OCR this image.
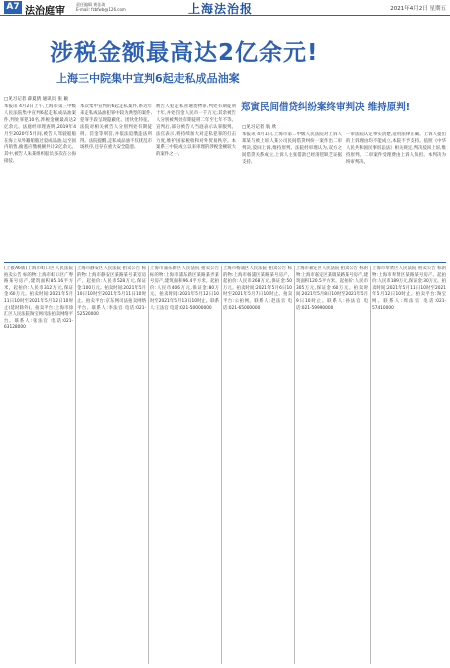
A7 法治庭审
责任编辑 黄佳琦
E-mail: fzbfwb@126.com	上海法治报	2021年4月2日 星期五
涉税金额最高达2亿余元!
上海三中院集中宣判6起走私成品油案
□见习记者 薛夏倩 通讯员 张 颖
本报讯 4月2日上午,上海市第三中级人民法院集中宣判6起走私成品油案件,判处罪犯10名,涉税金额最高达2亿余元。法庭经审理查明,2019年4月至2020年5月间,被告人驾驶船舶在海上从外籍船舶过驳成品油,运至国内销售,偷逃应缴税额共计2亿余元。其中,被告人朱某组织船员多次在公海接驳,
本次集中宣判的6起走私案件,系近年来走私成品油犯罪中较为典型的案件,犯罪手段呈现隐蔽化、团伙化特征。法院对相关被告人分别判处有期徒刑、罚金等刑罚,并依法追缴违法所得。法院提醒,走私成品油不仅扰乱市场秩序,还存在重大安全隐患,
被告人犯走私普通货物罪,判处有期徒刑十年,并处罚金人民币一千万元;其余被告人分别被判处有期徒刑二年至七年不等。宣判后,部分被告人当庭表示认罪服判。法官表示,将持续加大对走私犯罪的打击力度,维护国家税收和对外贸易秩序。本案系三中院成立以来审理的涉税金额较大的案件之一,
郑寅民间借贷纠纷案终审判决 维持原判!
□见习记者 翁 欣
本报讯 4月1日,上海市第二中级人民法院对上诉人郑某与被上诉人某公司民间借贷纠纷一案作出二审判决,驳回上诉,维持原判。法院经审理认为,双方之间借贷关系成立,上诉人主张借款已经清偿缺乏证据支持,
一审法院认定事实清楚,适用法律正确。上诉人提出的上诉理由均不能成立,本院不予支持。依照《中华人民共和国民事诉讼法》相关规定,判决驳回上诉,维持原判。二审案件受理费由上诉人负担。本判决为终审判决。

(上接A6版)上海市虹口区人民法院 拍卖公告 标的物:上海市虹口区广粤路某号房产,建筑面积85.16平方米。起拍价:人民币312万元,保证金:60万元。拍卖时间:2021年5月11日10时至2021年5月12日10时止(延时除外)。拍卖平台:上海市徐汇区人民法院淘宝网司法拍卖网络平台。联系人:张法官 电话:021-63128000

上海市静安区人民法院 拍卖公告 标的物:上海市静安区某路某号某室房产。起拍价:人民币528万元,保证金:100万元。拍卖时间:2021年5月10日10时至2021年5月11日10时止。拍卖平台:京东网司法拍卖网络平台。联系人:李法官 电话:021-52520000

上海市浦东新区人民法院 拍卖公告 标的物:上海市浦东新区某路某弄某号房产,建筑面积96.4平方米。起拍价:人民币406万元,保证金:80万元。拍卖时间:2021年5月12日10时至2021年5月13日10时止。联系人:王法官 电话:021-50000000

上海市杨浦区人民法院 拍卖公告 标的物:上海市杨浦区某路某号房产。起拍价:人民币268万元,保证金:50万元。拍卖时间:2021年5月6日10时至2021年5月7日10时止。拍卖平台:公拍网。联系人:赵法官 电话:021-65000000

上海市嘉定区人民法院 拍卖公告 标的物:上海市嘉定区某镇某路某号房产,建筑面积120.5平方米。起拍价:人民币305万元,保证金:60万元。拍卖时间:2021年5月8日10时至2021年5月9日10时止。联系人:孙法官 电话:021-59990000

上海市奉贤区人民法院 拍卖公告 标的物:上海市奉贤区某路某号房产。起拍价:人民币189万元,保证金:30万元。拍卖时间:2021年5月11日10时至2021年5月12日10时止。拍卖平台:淘宝网。联系人:周法官 电话:021-57410000
